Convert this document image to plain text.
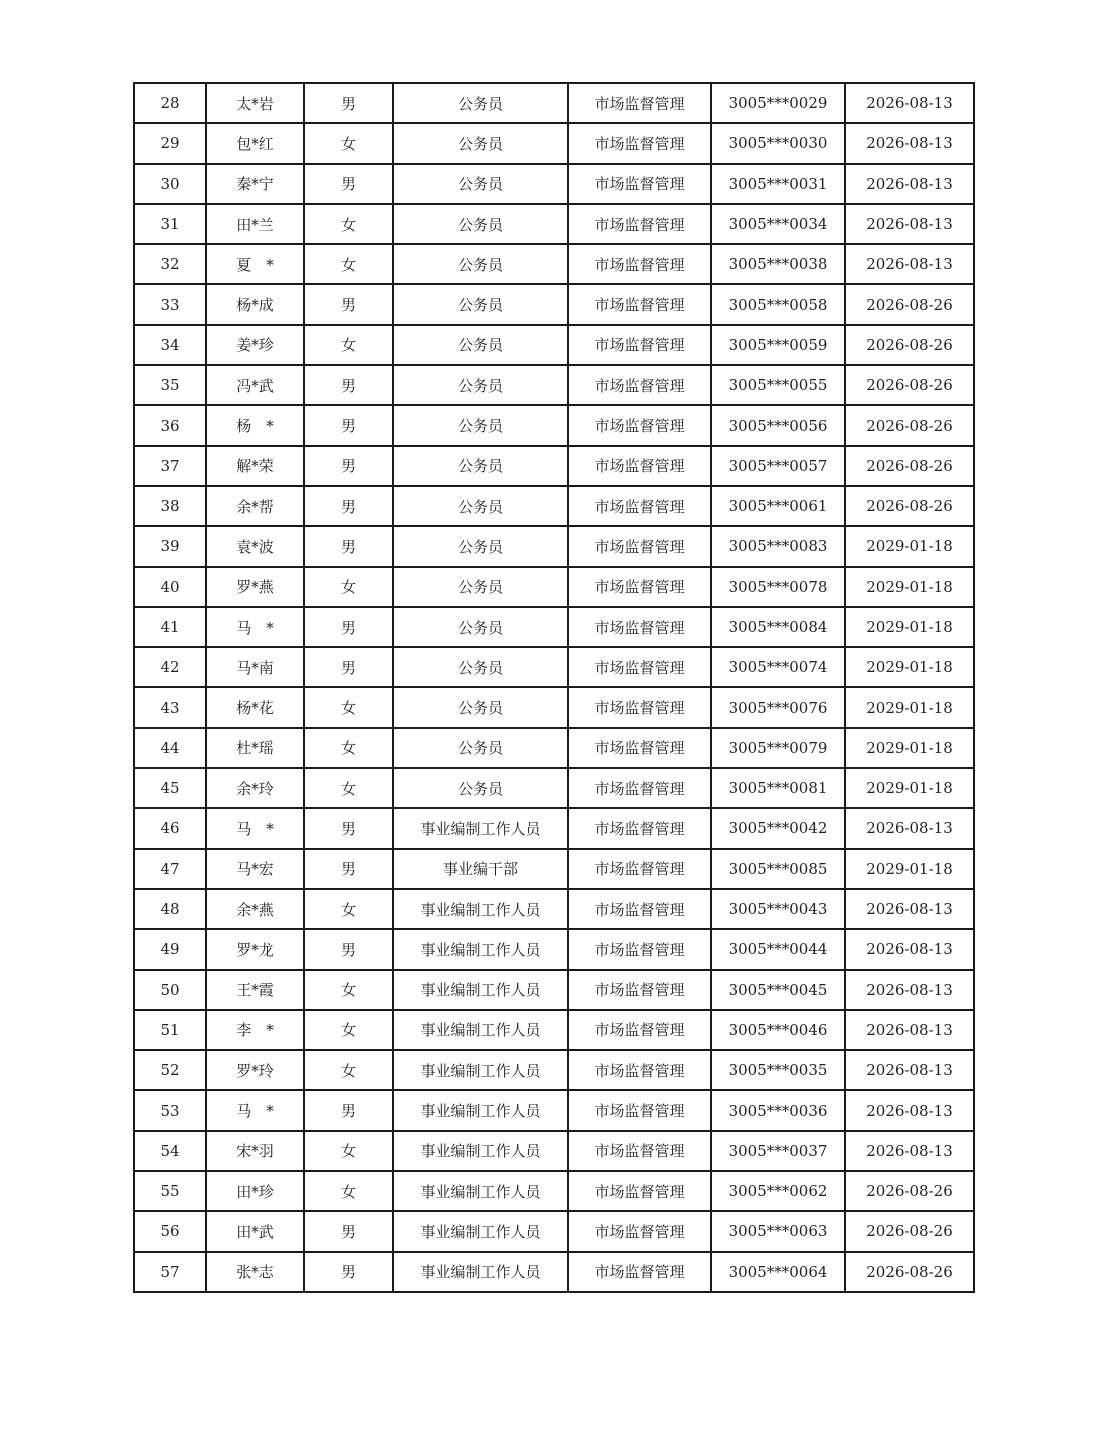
28	太*岩	男	公务员	市场监督管理	3005***0029	2026-08-13
29	包*红	女	公务员	市场监督管理	3005***0030	2026-08-13
30	秦*宁	男	公务员	市场监督管理	3005***0031	2026-08-13
31	田*兰	女	公务员	市场监督管理	3005***0034	2026-08-13
32	夏　*	女	公务员	市场监督管理	3005***0038	2026-08-13
33	杨*成	男	公务员	市场监督管理	3005***0058	2026-08-26
34	姜*珍	女	公务员	市场监督管理	3005***0059	2026-08-26
35	冯*武	男	公务员	市场监督管理	3005***0055	2026-08-26
36	杨　*	男	公务员	市场监督管理	3005***0056	2026-08-26
37	解*荣	男	公务员	市场监督管理	3005***0057	2026-08-26
38	余*帮	男	公务员	市场监督管理	3005***0061	2026-08-26
39	袁*波	男	公务员	市场监督管理	3005***0083	2029-01-18
40	罗*燕	女	公务员	市场监督管理	3005***0078	2029-01-18
41	马　*	男	公务员	市场监督管理	3005***0084	2029-01-18
42	马*南	男	公务员	市场监督管理	3005***0074	2029-01-18
43	杨*花	女	公务员	市场监督管理	3005***0076	2029-01-18
44	杜*瑶	女	公务员	市场监督管理	3005***0079	2029-01-18
45	余*玲	女	公务员	市场监督管理	3005***0081	2029-01-18
46	马　*	男	事业编制工作人员	市场监督管理	3005***0042	2026-08-13
47	马*宏	男	事业编干部	市场监督管理	3005***0085	2029-01-18
48	余*燕	女	事业编制工作人员	市场监督管理	3005***0043	2026-08-13
49	罗*龙	男	事业编制工作人员	市场监督管理	3005***0044	2026-08-13
50	王*霞	女	事业编制工作人员	市场监督管理	3005***0045	2026-08-13
51	李　*	女	事业编制工作人员	市场监督管理	3005***0046	2026-08-13
52	罗*玲	女	事业编制工作人员	市场监督管理	3005***0035	2026-08-13
53	马　*	男	事业编制工作人员	市场监督管理	3005***0036	2026-08-13
54	宋*羽	女	事业编制工作人员	市场监督管理	3005***0037	2026-08-13
55	田*珍	女	事业编制工作人员	市场监督管理	3005***0062	2026-08-26
56	田*武	男	事业编制工作人员	市场监督管理	3005***0063	2026-08-26
57	张*志	男	事业编制工作人员	市场监督管理	3005***0064	2026-08-26
